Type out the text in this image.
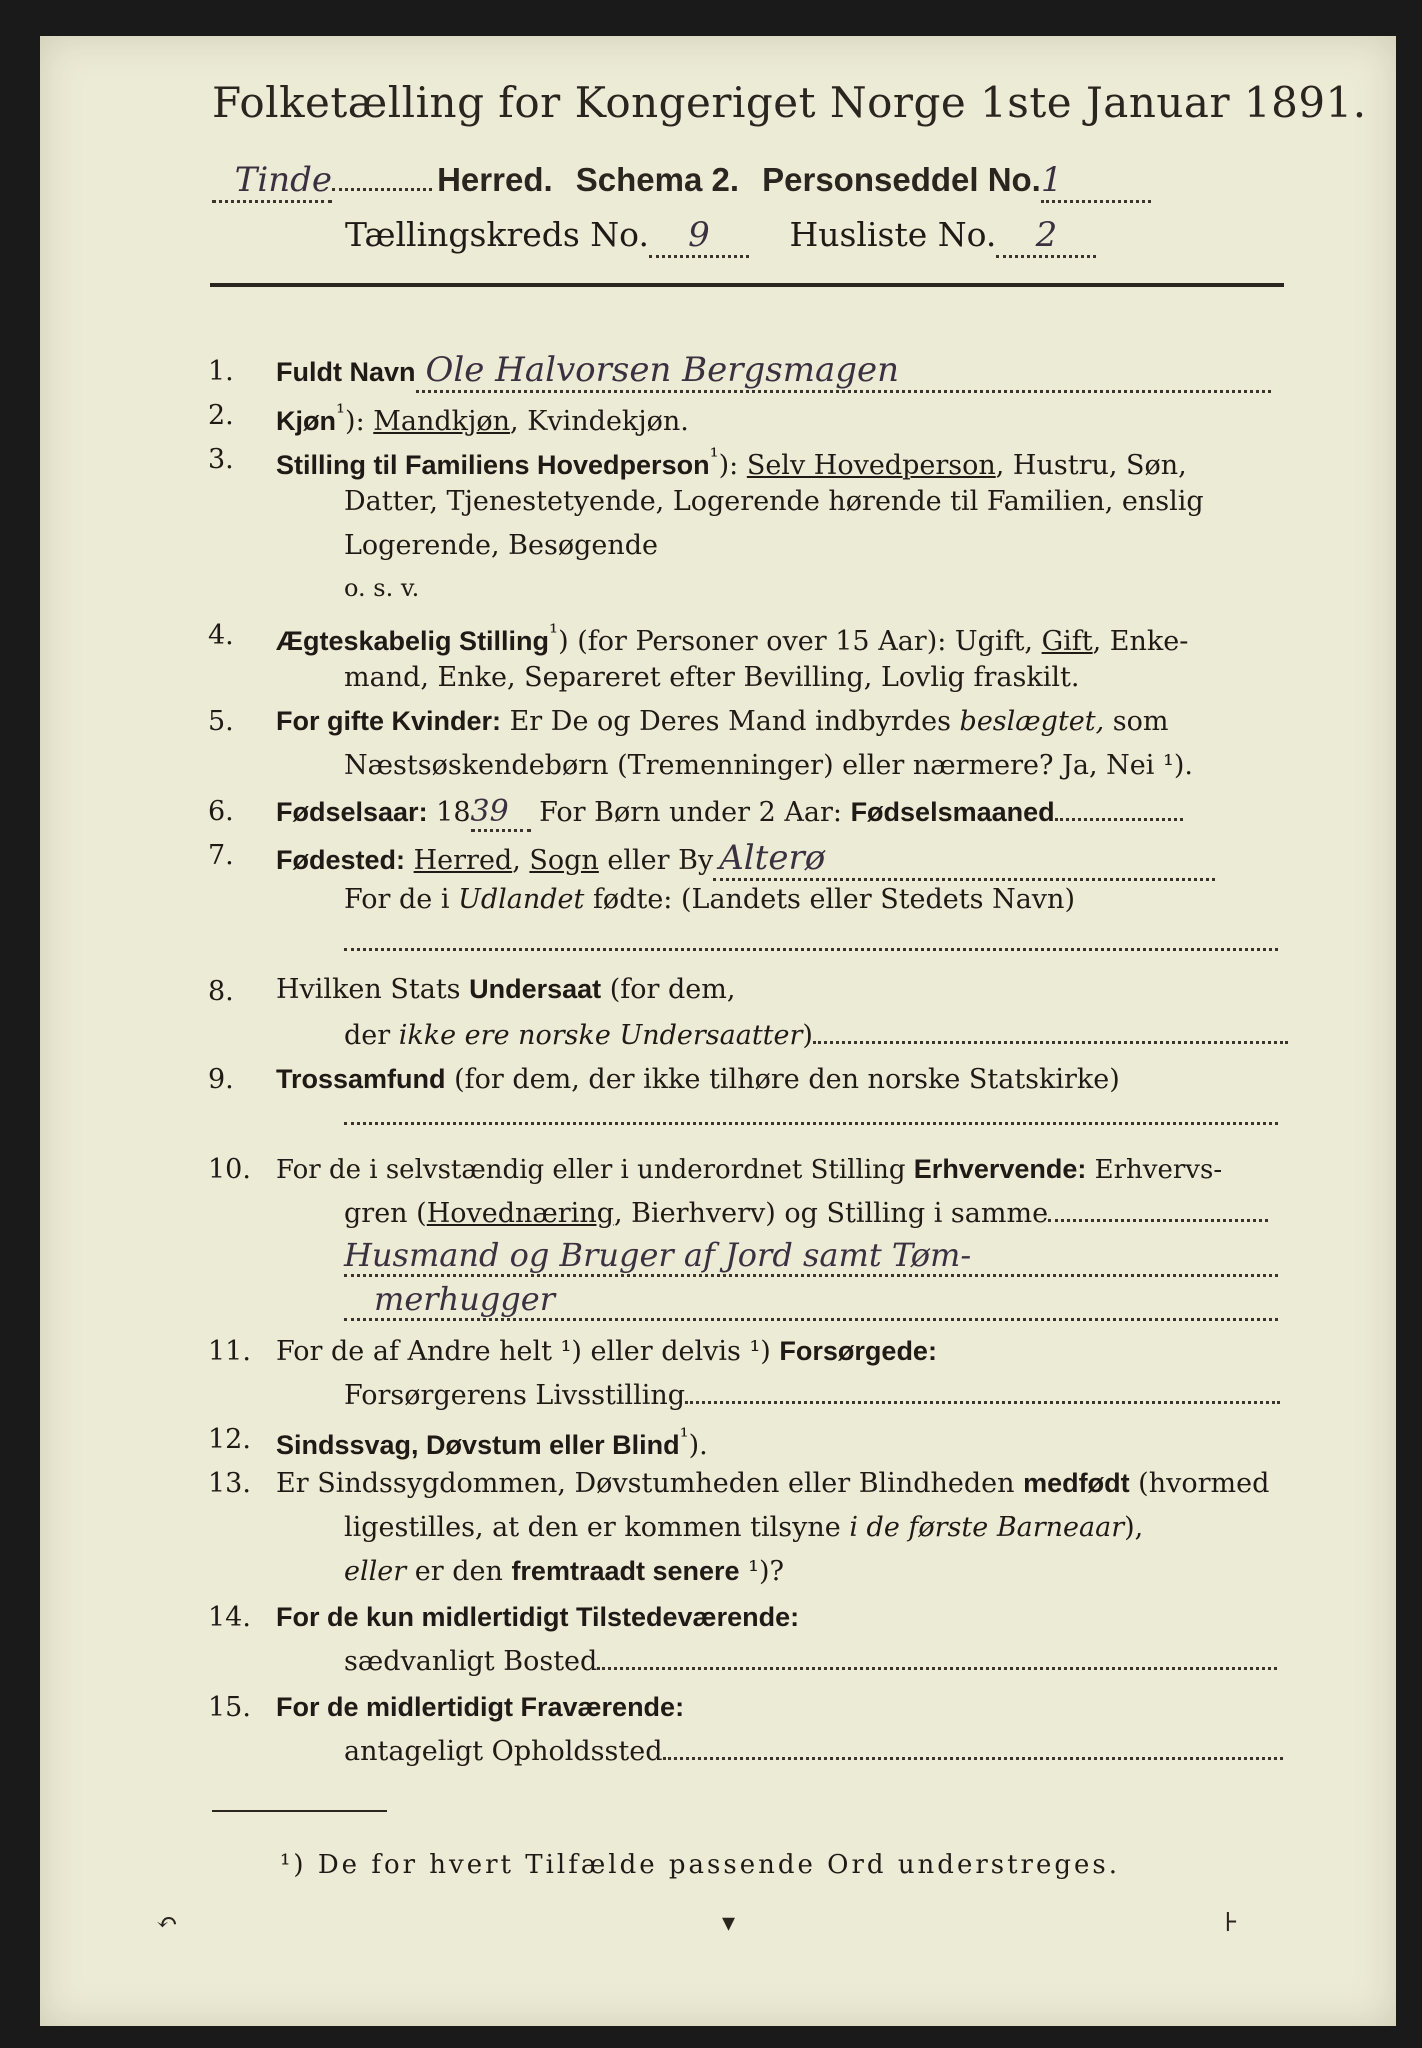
Folketælling for Kongeriget Norge 1ste Januar 1891.
Tinde	Herred. Schema 2. Personseddel No.1
Tællingskreds No. 9 Husliste No. 2
1.	Fuldt Navn Ole Halvorsen Bergsmagen
2.	Kjøn$^{^1}$): Mandkjøn, Kvindekjøn.
3.	Stilling til Familiens Hovedperson$^{^1}$): Selv Hovedperson, Hustru, Søn,
Datter, Tjenestetyende, Logerende hørende til Familien, enslig
Logerende, Besøgende
o. s. v.
4.	Ægteskabelig Stilling$^{^1}$) (for Personer over 15 Aar): Ugift, Gift, Enke-
mand, Enke, Separeret efter Bevilling, Lovlig fraskilt.
5.	For gifte Kvinder: Er De og Deres Mand indbyrdes beslægtet, som
Næstsøskendebørn (Tremenninger) eller nærmere? Ja, Nei ¹).
6.	Fødselsaar: 1839 For Børn under 2 Aar: Fødselsmaaned
7.	Fødested: Herred, Sogn eller By Alterø
For de i Udlandet fødte: (Landets eller Stedets Navn)
8.	Hvilken Stats Undersaat (for dem,
der ikke ere norske Undersaatter)
9.	Trossamfund (for dem, der ikke tilhøre den norske Statskirke)
10. For de i selvstændig eller i underordnet Stilling Erhvervende: Erhvervs-
gren (Hovednæring, Bierhverv) og Stilling i samme
Husmand og Bruger af Jord samt Tøm-
merhugger
11. For de af Andre helt ¹) eller delvis ¹) Forsørgede:
Forsørgerens Livsstilling
12. Sindssvag, Døvstum eller Blind$^{^1}$).
13. Er Sindssygdommen, Døvstumheden eller Blindheden medfødt (hvormed
ligestilles, at den er kommen tilsyne i de første Barneaar),
eller er den fremtraadt senere ¹)?
14. For de kun midlertidigt Tilstedeværende:
sædvanligt Bosted
15. For de midlertidigt Fraværende:
antageligt Opholdssted
¹) De for hvert Tilfælde passende Ord understreges.
↶	▾	⊦
